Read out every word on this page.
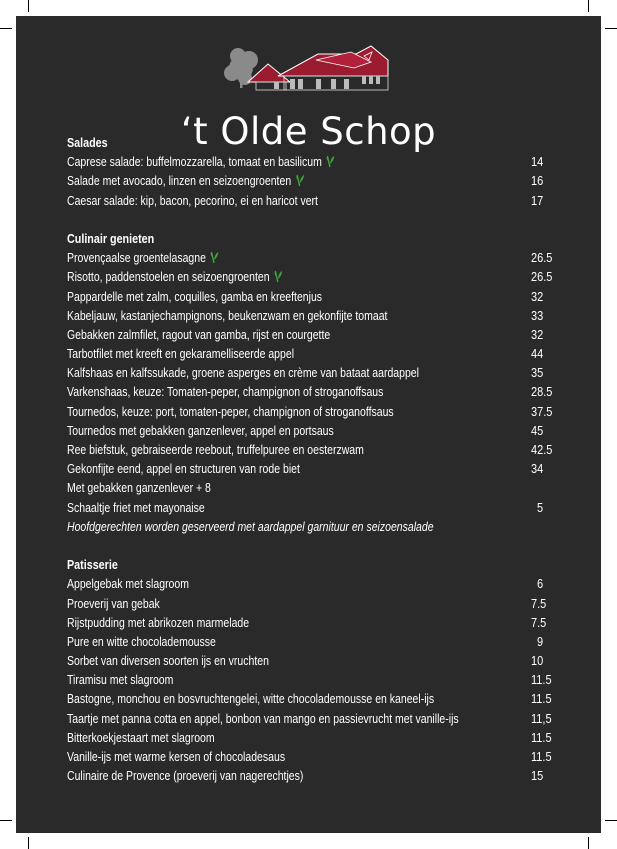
‘t Olde Schop
Salades
Caprese salade: buffelmozzarella, tomaat en basilicum	14
Salade met avocado, linzen en seizoengroenten	16
Caesar salade: kip, bacon, pecorino, ei en haricot vert	17
Culinair genieten
Provençaalse groentelasagne	26.5
Risotto, paddenstoelen en seizoengroenten	26.5
Pappardelle met zalm, coquilles, gamba en kreeftenjus	32
Kabeljauw, kastanjechampignons, beukenzwam en gekonfijte tomaat	33
Gebakken zalmfilet, ragout van gamba, rijst en courgette	32
Tarbotfilet met kreeft en gekaramelliseerde appel	44
Kalfshaas en kalfssukade, groene asperges en crème van bataat aardappel	35
Varkenshaas, keuze: Tomaten-peper, champignon of stroganoffsaus	28.5
Tournedos, keuze: port, tomaten-peper, champignon of stroganoffsaus	37.5
Tournedos met gebakken ganzenlever, appel en portsaus	45
Ree biefstuk, gebraiseerde reebout, truffelpuree en oesterzwam	42.5
Gekonfijte eend, appel en structuren van rode biet	34
Met gebakken ganzenlever + 8
Schaaltje friet met mayonaise	5
Hoofdgerechten worden geserveerd met aardappel garnituur en seizoensalade
Patisserie
Appelgebak met slagroom	6
Proeverij van gebak	7.5
Rijstpudding met abrikozen marmelade	7.5
Pure en witte chocolademousse	9
Sorbet van diversen soorten ijs en vruchten	10
Tiramisu met slagroom	11.5
Bastogne, monchou en bosvruchtengelei, witte chocolademousse en kaneel-ijs	11.5
Taartje met panna cotta en appel, bonbon van mango en passievrucht met vanille-ijs	11,5
Bitterkoekjestaart met slagroom	11.5
Vanille-ijs met warme kersen of chocoladesaus	11.5
Culinaire de Provence (proeverij van nagerechtjes)	15
